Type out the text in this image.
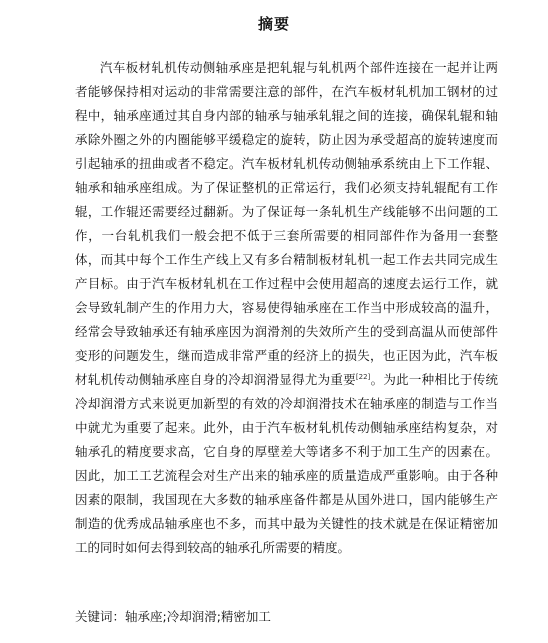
摘要

汽车板材轧机传动侧轴承座是把轧辊与轧机两个部件连接在一起并让两者能够保持相对运动的非常需要注意的部件，在汽车板材轧机加工钢材的过程中，轴承座通过其自身内部的轴承与轴承轧辊之间的连接，确保轧辊和轴承除外圈之外的内圈能够平缓稳定的旋转，防止因为承受超高的旋转速度而引起轴承的扭曲或者不稳定。汽车板材轧机传动侧轴承系统由上下工作辊、轴承和轴承座组成。为了保证整机的正常运行，我们必须支持轧辊配有工作辊，工作辊还需要经过翻新。为了保证每一条轧机生产线能够不出问题的工作，一台轧机我们一般会把不低于三套所需要的相同部件作为备用一套整体，而其中每个工作生产线上又有多台精制板材轧机一起工作去共同完成生产目标。由于汽车板材轧机在工作过程中会使用超高的速度去运行工作，就会导致轧制产生的作用力大，容易使得轴承座在工作当中形成较高的温升，经常会导致轴承还有轴承座因为润滑剂的失效所产生的受到高温从而使部件变形的问题发生，继而造成非常严重的经济上的损失，也正因为此，汽车板材轧机传动侧轴承座自身的冷却润滑显得尤为重要[22]。为此一种相比于传统冷却润滑方式来说更加新型的有效的冷却润滑技术在轴承座的制造与工作当中就尤为重要了起来。此外，由于汽车板材轧机传动侧轴承座结构复杂，对轴承孔的精度要求高，它自身的厚壁差大等诸多不利于加工生产的因素在。因此，加工工艺流程会对生产出来的轴承座的质量造成严重影响。由于各种因素的限制，我国现在大多数的轴承座备件都是从国外进口，国内能够生产制造的优秀成品轴承座也不多，而其中最为关键性的技术就是在保证精密加工的同时如何去得到较高的轴承孔所需要的精度。

关键词：轴承座;冷却润滑;精密加工
